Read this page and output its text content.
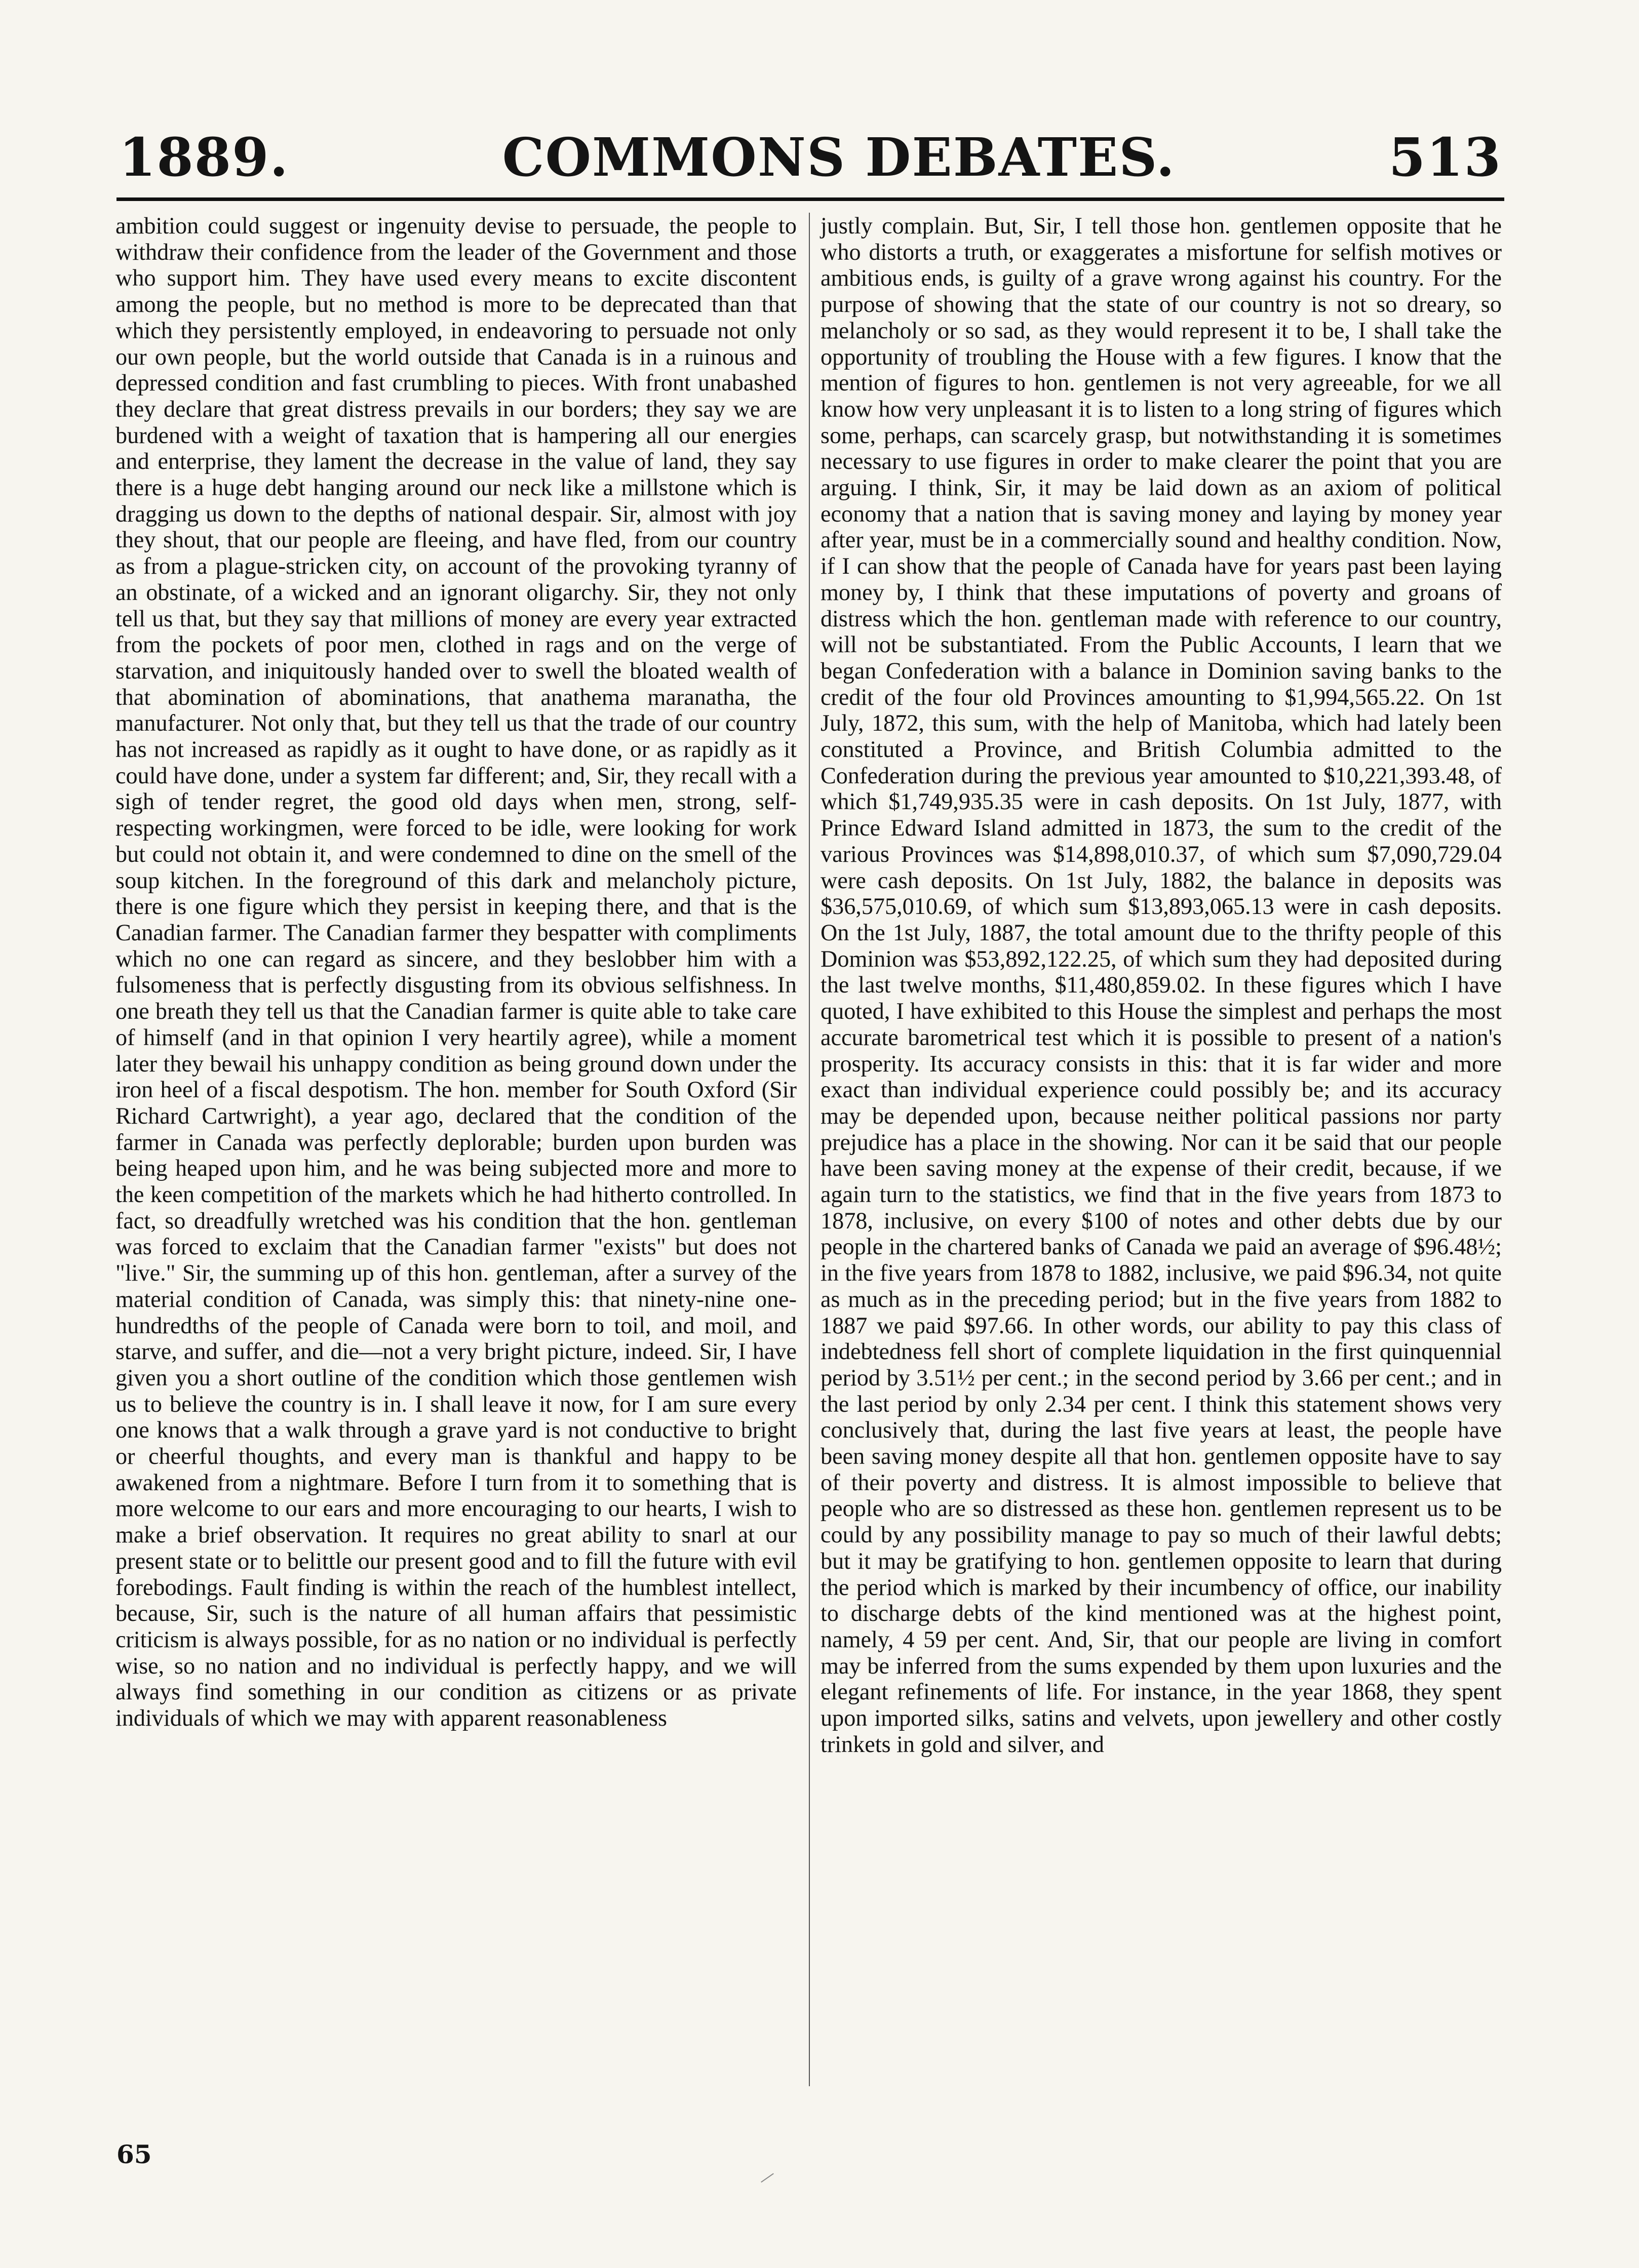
1889.	COMMONS DEBATES.	513

ambition could suggest or ingenuity devise to persuade, the people to withdraw their confidence from the leader of the Government and those who support him. They have used every means to excite discontent among the people, but no method is more to be deprecated than that which they persistently employed, in endeavoring to persuade not only our own people, but the world outside that Canada is in a ruinous and depressed condition and fast crumbling to pieces. With front unabashed they declare that great distress prevails in our borders; they say we are burdened with a weight of taxation that is hampering all our energies and enterprise, they lament the decrease in the value of land, they say there is a huge debt hanging around our neck like a millstone which is dragging us down to the depths of national despair. Sir, almost with joy they shout, that our people are fleeing, and have fled, from our country as from a plague-stricken city, on account of the provoking tyranny of an obstinate, of a wicked and an ignorant oligarchy. Sir, they not only tell us that, but they say that millions of money are every year extracted from the pockets of poor men, clothed in rags and on the verge of starvation, and iniquitously handed over to swell the bloated wealth of that abomination of abominations, that anathema maranatha, the manufacturer. Not only that, but they tell us that the trade of our country has not increased as rapidly as it ought to have done, or as rapidly as it could have done, under a system far different; and, Sir, they recall with a sigh of tender regret, the good old days when men, strong, self-respecting workingmen, were forced to be idle, were looking for work but could not obtain it, and were condemned to dine on the smell of the soup kitchen. In the foreground of this dark and melancholy picture, there is one figure which they persist in keeping there, and that is the Canadian farmer. The Canadian farmer they bespatter with compliments which no one can regard as sincere, and they beslobber him with a fulsomeness that is perfectly disgusting from its obvious selfishness. In one breath they tell us that the Canadian farmer is quite able to take care of himself (and in that opinion I very heartily agree), while a moment later they bewail his unhappy condition as being ground down under the iron heel of a fiscal despotism. The hon. member for South Oxford (Sir Richard Cartwright), a year ago, declared that the condition of the farmer in Canada was perfectly deplorable; burden upon burden was being heaped upon him, and he was being subjected more and more to the keen competition of the markets which he had hitherto controlled. In fact, so dreadfully wretched was his condition that the hon. gentleman was forced to exclaim that the Canadian farmer "exists" but does not "live." Sir, the summing up of this hon. gentleman, after a survey of the material condition of Canada, was simply this: that ninety-nine one-hundredths of the people of Canada were born to toil, and moil, and starve, and suffer, and die—not a very bright picture, indeed. Sir, I have given you a short outline of the condition which those gentlemen wish us to believe the country is in. I shall leave it now, for I am sure every one knows that a walk through a grave yard is not conductive to bright or cheerful thoughts, and every man is thankful and happy to be awakened from a nightmare. Before I turn from it to something that is more welcome to our ears and more encouraging to our hearts, I wish to make a brief observation. It requires no great ability to snarl at our present state or to belittle our present good and to fill the future with evil forebodings. Fault finding is within the reach of the humblest intellect, because, Sir, such is the nature of all human affairs that pessimistic criticism is always possible, for as no nation or no individual is perfectly wise, so no nation and no individual is perfectly happy, and we will always find something in our condition as citizens or as private individuals of which we may with apparent reasonableness

justly complain. But, Sir, I tell those hon. gentlemen opposite that he who distorts a truth, or exaggerates a misfortune for selfish motives or ambitious ends, is guilty of a grave wrong against his country. For the purpose of showing that the state of our country is not so dreary, so melancholy or so sad, as they would represent it to be, I shall take the opportunity of troubling the House with a few figures. I know that the mention of figures to hon. gentlemen is not very agreeable, for we all know how very unpleasant it is to listen to a long string of figures which some, perhaps, can scarcely grasp, but notwithstanding it is sometimes necessary to use figures in order to make clearer the point that you are arguing. I think, Sir, it may be laid down as an axiom of political economy that a nation that is saving money and laying by money year after year, must be in a commercially sound and healthy condition. Now, if I can show that the people of Canada have for years past been laying money by, I think that these imputations of poverty and groans of distress which the hon. gentleman made with reference to our country, will not be substantiated. From the Public Accounts, I learn that we began Confederation with a balance in Dominion saving banks to the credit of the four old Provinces amounting to $1,994,565.22. On 1st July, 1872, this sum, with the help of Manitoba, which had lately been constituted a Province, and British Columbia admitted to the Confederation during the previous year amounted to $10,221,393.48, of which $1,749,935.35 were in cash deposits. On 1st July, 1877, with Prince Edward Island admitted in 1873, the sum to the credit of the various Provinces was $14,898,010.37, of which sum $7,090,729.04 were cash deposits. On 1st July, 1882, the balance in deposits was $36,575,010.69, of which sum $13,893,065.13 were in cash deposits. On the 1st July, 1887, the total amount due to the thrifty people of this Dominion was $53,892,122.25, of which sum they had deposited during the last twelve months, $11,480,859.02. In these figures which I have quoted, I have exhibited to this House the simplest and perhaps the most accurate barometrical test which it is possible to present of a nation's prosperity. Its accuracy consists in this: that it is far wider and more exact than individual experience could possibly be; and its accuracy may be depended upon, because neither political passions nor party prejudice has a place in the showing. Nor can it be said that our people have been saving money at the expense of their credit, because, if we again turn to the statistics, we find that in the five years from 1873 to 1878, inclusive, on every $100 of notes and other debts due by our people in the chartered banks of Canada we paid an average of $96.48½; in the five years from 1878 to 1882, inclusive, we paid $96.34, not quite as much as in the preceding period; but in the five years from 1882 to 1887 we paid $97.66. In other words, our ability to pay this class of indebtedness fell short of complete liquidation in the first quinquennial period by 3.51½ per cent.; in the second period by 3.66 per cent.; and in the last period by only 2.34 per cent. I think this statement shows very conclusively that, during the last five years at least, the people have been saving money despite all that hon. gentlemen opposite have to say of their poverty and distress. It is almost impossible to believe that people who are so distressed as these hon. gentlemen represent us to be could by any possibility manage to pay so much of their lawful debts; but it may be gratifying to hon. gentlemen opposite to learn that during the period which is marked by their incumbency of office, our inability to discharge debts of the kind mentioned was at the highest point, namely, 4 59 per cent. And, Sir, that our people are living in comfort may be inferred from the sums expended by them upon luxuries and the elegant refinements of life. For instance, in the year 1868, they spent upon imported silks, satins and velvets, upon jewellery and other costly trinkets in gold and silver, and

65
